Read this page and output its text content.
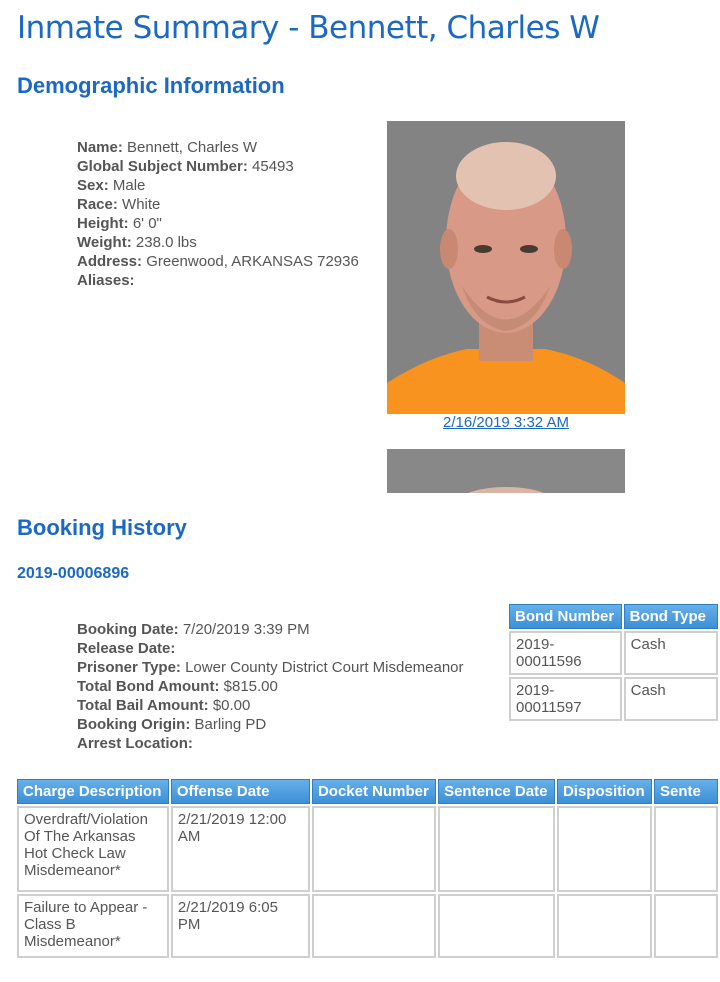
Inmate Summary - Bennett, Charles W
Demographic Information
Name: Bennett, Charles W
Global Subject Number: 45493
Sex: Male
Race: White
Height: 6' 0"
Weight: 238.0 lbs
Address: Greenwood, ARKANSAS 72936
Aliases:
2/16/2019 3:32 AM
Booking History
2019-00006896
Booking Date: 7/20/2019 3:39 PM
Release Date:
Prisoner Type: Lower County District Court Misdemeanor
Total Bond Amount: $815.00
Total Bail Amount: $0.00
Booking Origin: Barling PD
Arrest Location:
Bond Number	Bond Type
2019-00011596	Cash
2019-00011597	Cash
Charge Description	Offense Date	Docket Number	Sentence Date	Disposition	Sente
Overdraft/Violation Of The Arkansas Hot Check Law Misdemeanor*	2/21/2019 12:00 AM				
Failure to Appear - Class B Misdemeanor*	2/21/2019 6:05 PM				
